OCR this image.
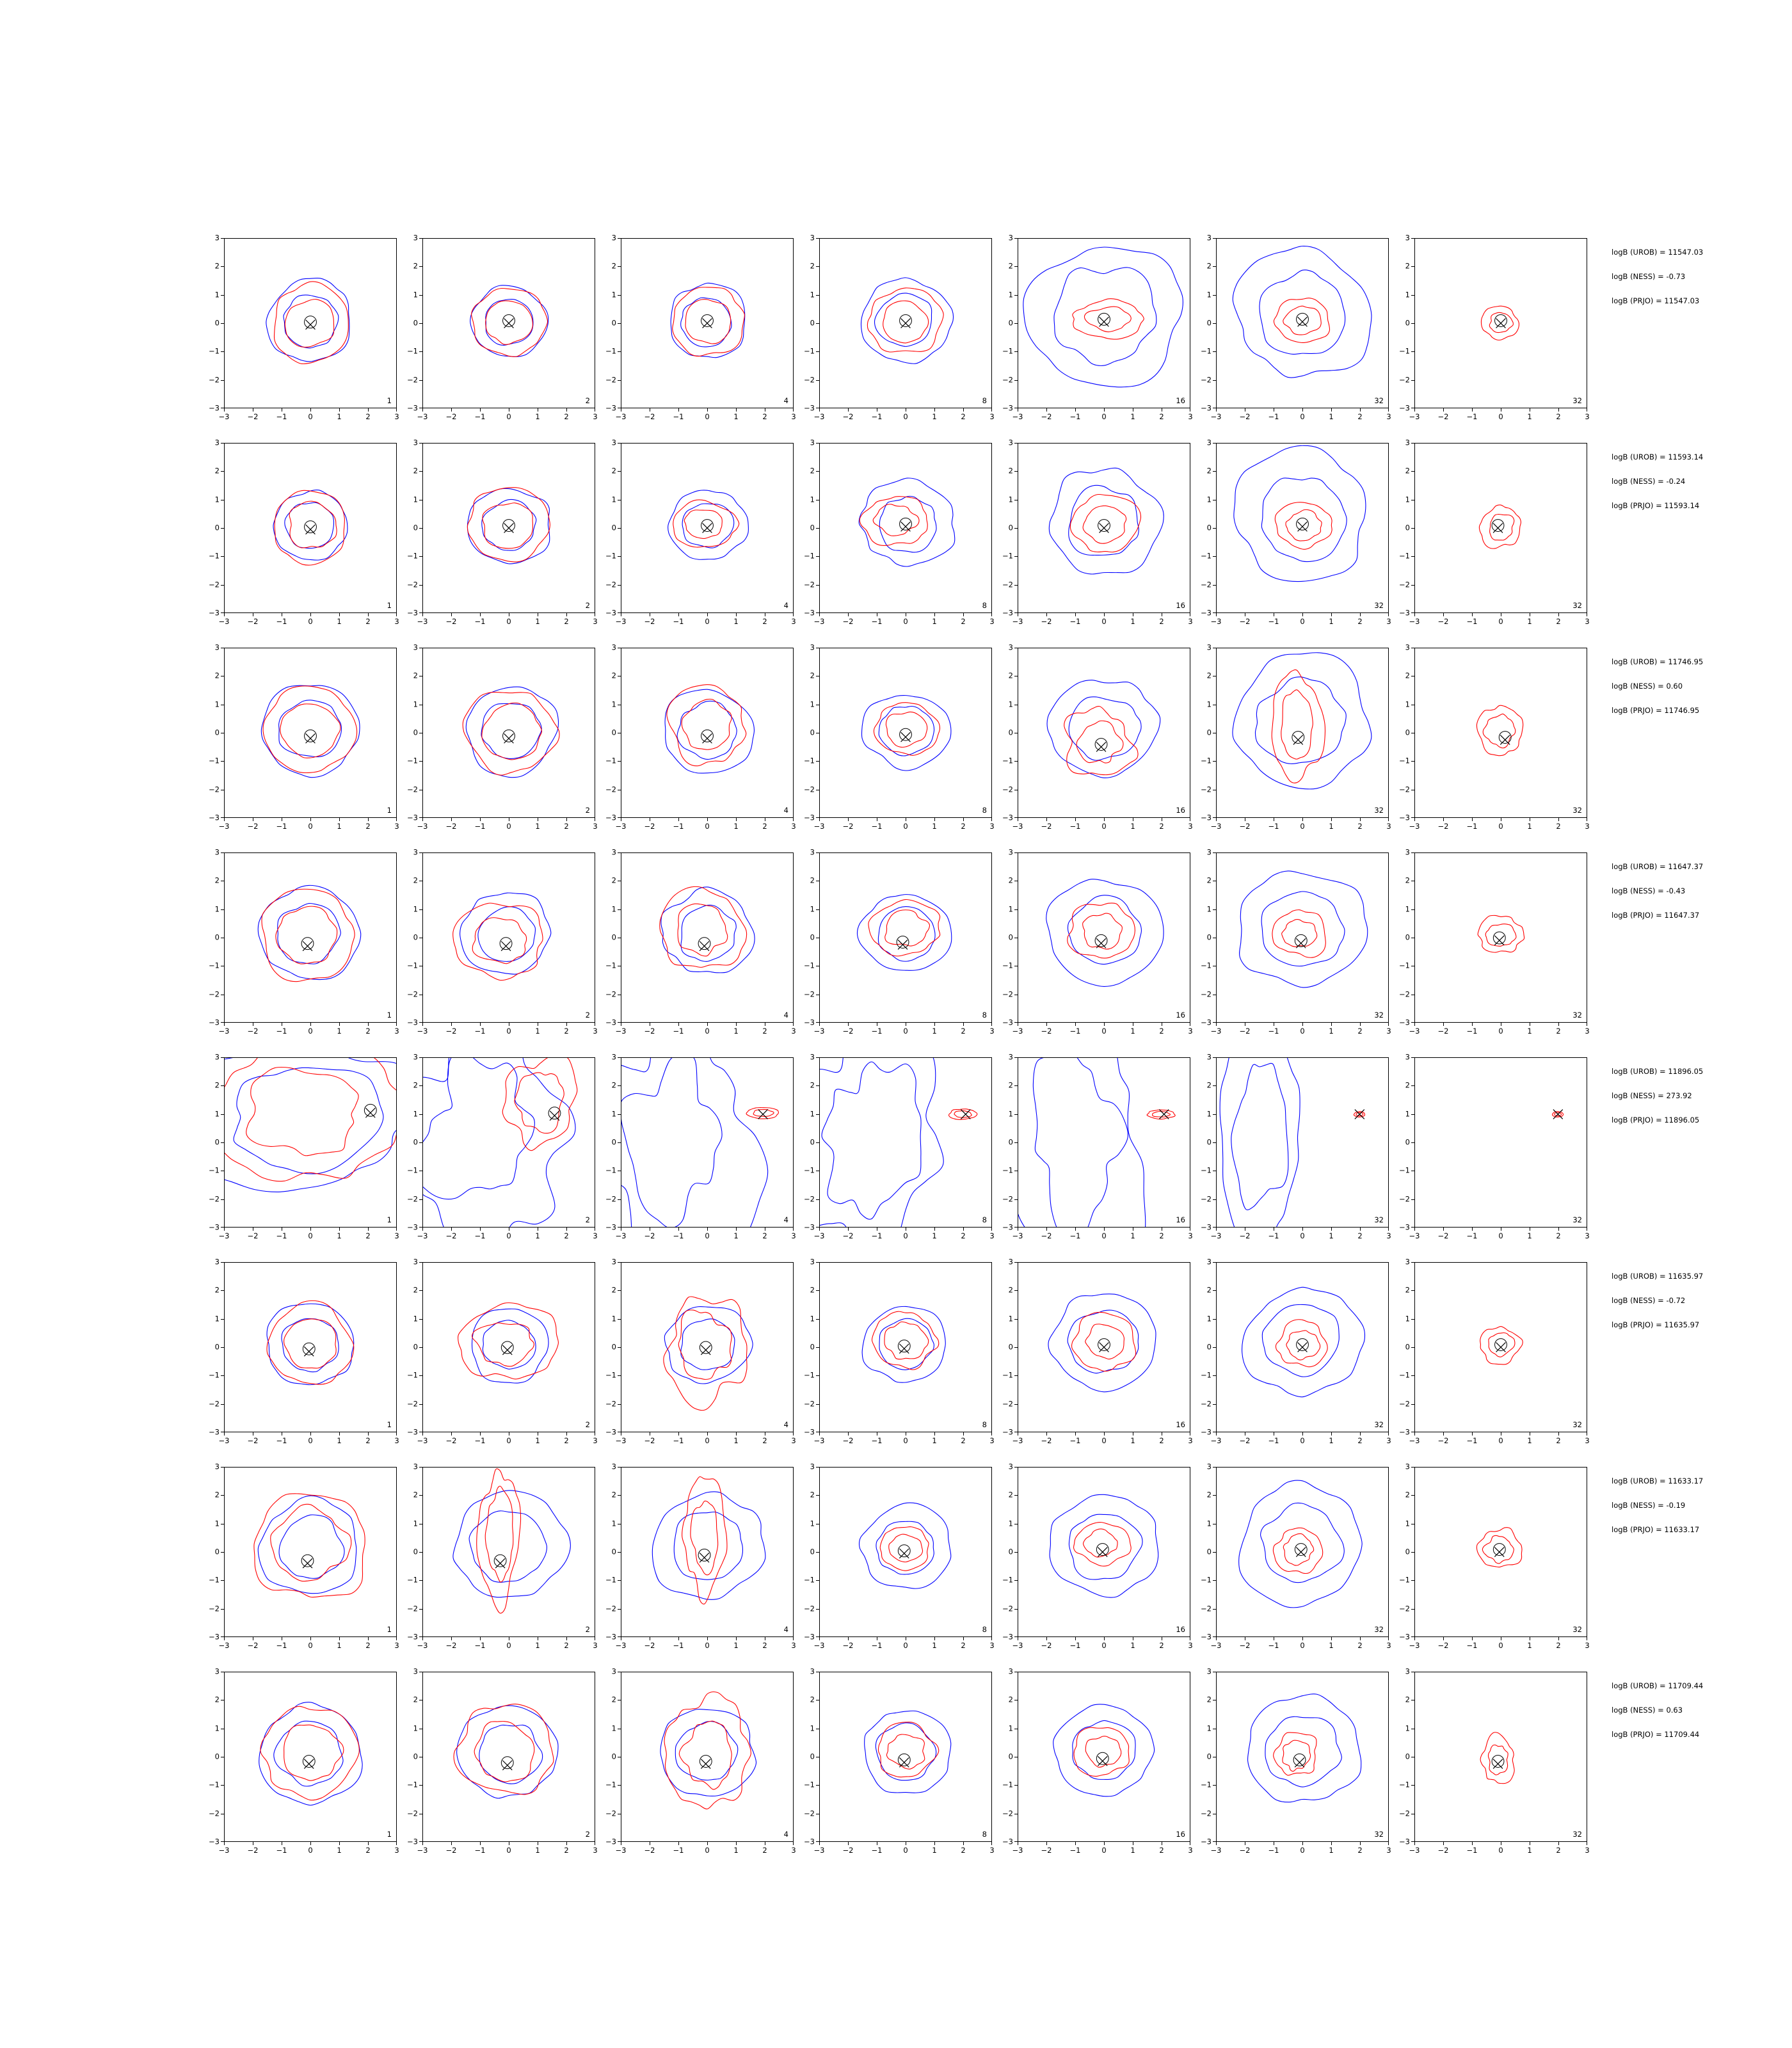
−3
−2
−1
0
1
2
3
−3 −2 −1	0	1	2	3
1
−3
−2
−1
0
1
2
3
−3 −2 −1	0	1	2	3
2
−3
−2
−1
0
1
2
3
−3 −2 −1	0	1	2	3
4
−3
−2
−1
0
1
2
3
−3 −2 −1	0	1	2	3
8
−3
−2
−1
0
1
2
3
−3 −2 −1	0	1	2	3
16
−3
−2
−1
0
1
2
3
−3 −2 −1	0	1	2	3
32
−3
−2
−1
0
1
2
3
−3 −2 −1	0	1	2	3
32
logB (UROB) = 11547.03
logB (NESS) = -0.73
logB (PRJO) = 11547.03
−3
−2
−1
0
1
2
3
−3 −2 −1	0	1	2	3
1
−3
−2
−1
0
1
2
3
−3 −2 −1	0	1	2	3
2
−3
−2
−1
0
1
2
3
−3 −2 −1	0	1	2	3
4
−3
−2
−1
0
1
2
3
−3 −2 −1	0	1	2	3
8
−3
−2
−1
0
1
2
3
−3 −2 −1	0	1	2	3
16
−3
−2
−1
0
1
2
3
−3 −2 −1	0	1	2	3
32
−3
−2
−1
0
1
2
3
−3 −2 −1	0	1	2	3
32
logB (UROB) = 11593.14
logB (NESS) = -0.24
logB (PRJO) = 11593.14
−3
−2
−1
0
1
2
3
−3 −2 −1	0	1	2	3
1
−3
−2
−1
0
1
2
3
−3 −2 −1	0	1	2	3
2
−3
−2
−1
0
1
2
3
−3 −2 −1	0	1	2	3
4
−3
−2
−1
0
1
2
3
−3 −2 −1	0	1	2	3
8
−3
−2
−1
0
1
2
3
−3 −2 −1	0	1	2	3
16
−3
−2
−1
0
1
2
3
−3 −2 −1	0	1	2	3
32
−3
−2
−1
0
1
2
3
−3 −2 −1	0	1	2	3
32
logB (UROB) = 11746.95
logB (NESS) = 0.60
logB (PRJO) = 11746.95
−3
−2
−1
0
1
2
3
−3 −2 −1	0	1	2	3
1
−3
−2
−1
0
1
2
3
−3 −2 −1	0	1	2	3
2
−3
−2
−1
0
1
2
3
−3 −2 −1	0	1	2	3
4
−3
−2
−1
0
1
2
3
−3 −2 −1	0	1	2	3
8
−3
−2
−1
0
1
2
3
−3 −2 −1	0	1	2	3
16
−3
−2
−1
0
1
2
3
−3 −2 −1	0	1	2	3
32
−3
−2
−1
0
1
2
3
−3 −2 −1	0	1	2	3
32
logB (UROB) = 11647.37
logB (NESS) = -0.43
logB (PRJO) = 11647.37
−3
−2
−1
0
1
2
3
−3 −2 −1	0	1	2	3
1
−3
−2
−1
0
1
2
3
−3 −2 −1	0	1	2	3
2
−3
−2
−1
0
1
2
3
−3 −2 −1	0	1	2	3
4
−3
−2
−1
0
1
2
3
−3 −2 −1	0	1	2	3
8
−3
−2
−1
0
1
2
3
−3 −2 −1	0	1	2	3
16
−3
−2
−1
0
1
2
3
−3 −2 −1	0	1	2	3
32
−3
−2
−1
0
1
2
3
−3 −2 −1	0	1	2	3
32
logB (UROB) = 11896.05
logB (NESS) = 273.92
logB (PRJO) = 11896.05
−3
−2
−1
0
1
2
3
−3 −2 −1	0	1	2	3
1
−3
−2
−1
0
1
2
3
−3 −2 −1	0	1	2	3
2
−3
−2
−1
0
1
2
3
−3 −2 −1	0	1	2	3
4
−3
−2
−1
0
1
2
3
−3 −2 −1	0	1	2	3
8
−3
−2
−1
0
1
2
3
−3 −2 −1	0	1	2	3
16
−3
−2
−1
0
1
2
3
−3 −2 −1	0	1	2	3
32
−3
−2
−1
0
1
2
3
−3 −2 −1	0	1	2	3
32
logB (UROB) = 11635.97
logB (NESS) = -0.72
logB (PRJO) = 11635.97
−3
−2
−1
0
1
2
3
−3 −2 −1	0	1	2	3
1
−3
−2
−1
0
1
2
3
−3 −2 −1	0	1	2	3
2
−3
−2
−1
0
1
2
3
−3 −2 −1	0	1	2	3
4
−3
−2
−1
0
1
2
3
−3 −2 −1	0	1	2	3
8
−3
−2
−1
0
1
2
3
−3 −2 −1	0	1	2	3
16
−3
−2
−1
0
1
2
3
−3 −2 −1	0	1	2	3
32
−3
−2
−1
0
1
2
3
−3 −2 −1	0	1	2	3
32
logB (UROB) = 11633.17
logB (NESS) = -0.19
logB (PRJO) = 11633.17
−3
−2
−1
0
1
2
3
−3 −2 −1	0	1	2	3
1
−3
−2
−1
0
1
2
3
−3 −2 −1	0	1	2	3
2
−3
−2
−1
0
1
2
3
−3 −2 −1	0	1	2	3
4
−3
−2
−1
0
1
2
3
−3 −2 −1	0	1	2	3
8
−3
−2
−1
0
1
2
3
−3 −2 −1	0	1	2	3
16
−3
−2
−1
0
1
2
3
−3 −2 −1	0	1	2	3
32
−3
−2
−1
0
1
2
3
−3 −2 −1	0	1	2	3
32
logB (UROB) = 11709.44
logB (NESS) = 0.63
logB (PRJO) = 11709.44
